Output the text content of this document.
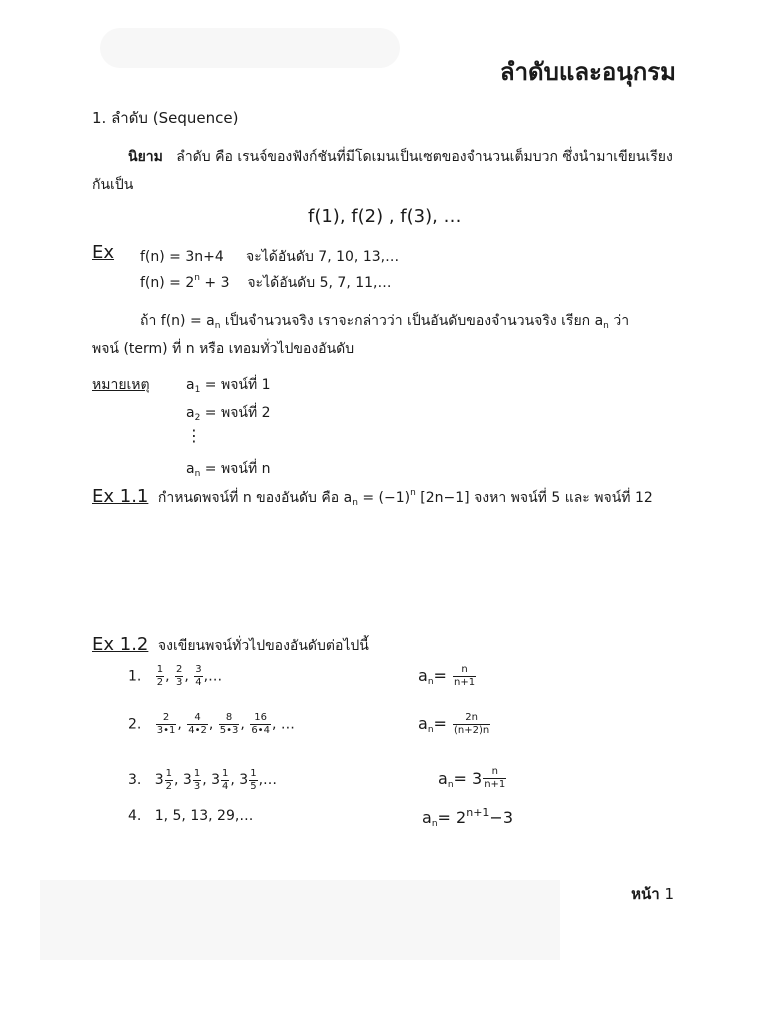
ลำดับและอนุกรม
1. ลำดับ (Sequence)
นิยาม ลำดับ คือ เรนจ์ของฟังก์ชันที่มีโดเมนเป็นเซตของจำนวนเต็มบวก ซึ่งนำมาเขียนเรียง
กันเป็น
f(1), f(2) , f(3), …
Ex f(n) = 3n+4 จะได้อันดับ 7, 10, 13,…
$f(n) = 2^n + 3$ จะได้อันดับ 5, 7, 11,…
ถ้า $f(n) = a_n$ เป็นจำนวนจริง เราจะกล่าวว่า เป็นอันดับของจำนวนจริง เรียก $a_n$ ว่า
พจน์ (term) ที่ n หรือ เทอมทั่วไปของอันดับ
หมายเหตุ	$a_1$ = พจน์ที่ 1
$a_2$ = พจน์ที่ 2
⋮
$a_n$ = พจน์ที่ n
Ex 1.1 กำหนดพจน์ที่ n ของอันดับ คือ $a_n = (-1)^n$ [2n−1] จงหา พจน์ที่ 5 และ พจน์ที่ 12
Ex 1.2 จงเขียนพจน์ทั่วไปของอันดับต่อไปนี้
1. $\frac{1}{2}$ , $\frac{2}{3}$ , $\frac{3}{4}$ ,…	$a_n= \frac{n}{n+1}$
2. $\frac{2}{3•1}$ , $\frac{4}{4•2}$ , $\frac{8}{5•3}$ , $\frac{16}{6•4}$ , …	$a_n= \frac{2n}{(n+2)n}$
3.   $3 \frac{1}{2}$ , $3 \frac{1}{3}$ , $3 \frac{1}{4}$ , $3 \frac{1}{5}$ ,…	$a_n= 3 \frac{n}{n+1}$
4. 1, 5, 13, 29,…	$a_n= 2^{n+1}-3$
หน้า 1
